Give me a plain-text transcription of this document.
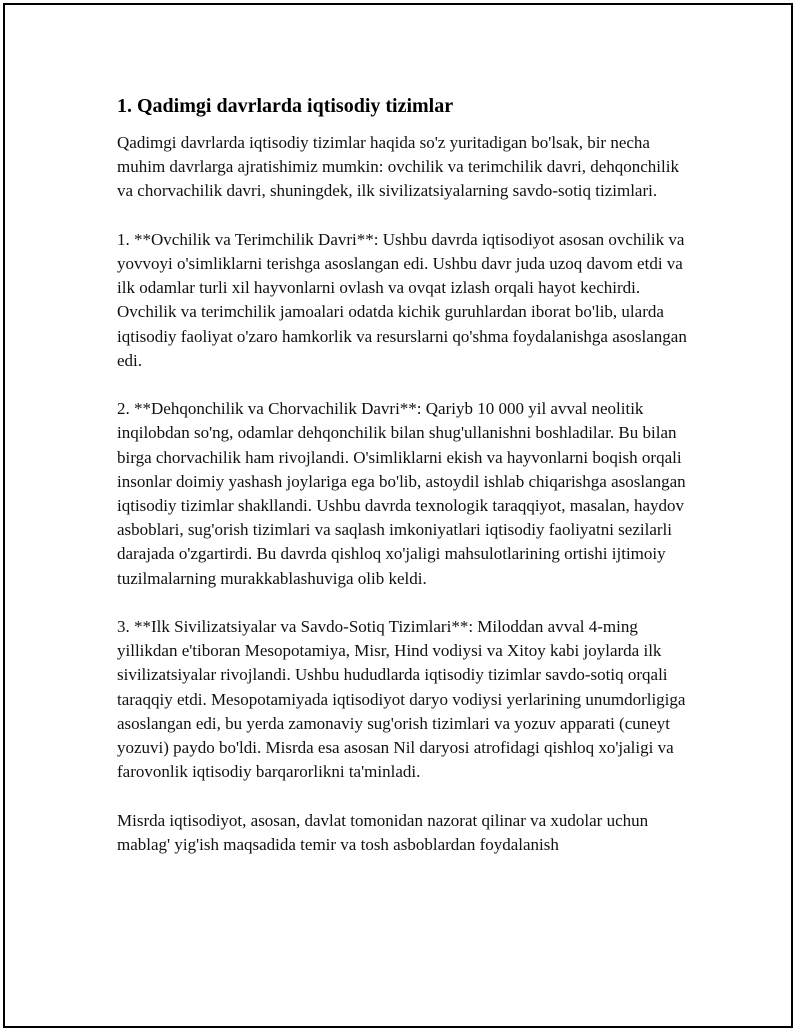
1. Qadimgi davrlarda iqtisodiy tizimlar

Qadimgi davrlarda iqtisodiy tizimlar haqida so'z yuritadigan bo'lsak, bir necha muhim davrlarga ajratishimiz mumkin: ovchilik va terimchilik davri, dehqonchilik va chorvachilik davri, shuningdek, ilk sivilizatsiyalarning savdo-sotiq tizimlari.

1. **Ovchilik va Terimchilik Davri**: Ushbu davrda iqtisodiyot asosan ovchilik va yovvoyi o'simliklarni terishga asoslangan edi. Ushbu davr juda uzoq davom etdi va ilk odamlar turli xil hayvonlarni ovlash va ovqat izlash orqali hayot kechirdi. Ovchilik va terimchilik jamoalari odatda kichik guruhlardan iborat bo'lib, ularda iqtisodiy faoliyat o'zaro hamkorlik va resurslarni qo'shma foydalanishga asoslangan edi.

2. **Dehqonchilik va Chorvachilik Davri**: Qariyb 10 000 yil avval neolitik inqilobdan so'ng, odamlar dehqonchilik bilan shug'ullanishni boshladilar. Bu bilan birga chorvachilik ham rivojlandi. O'simliklarni ekish va hayvonlarni boqish orqali insonlar doimiy yashash joylariga ega bo'lib, astoydil ishlab chiqarishga asoslangan iqtisodiy tizimlar shakllandi. Ushbu davrda texnologik taraqqiyot, masalan, haydov asboblari, sug'orish tizimlari va saqlash imkoniyatlari iqtisodiy faoliyatni sezilarli darajada o'zgartirdi. Bu davrda qishloq xo'jaligi mahsulotlarining ortishi ijtimoiy tuzilmalarning murakkablashuviga olib keldi.

3. **Ilk Sivilizatsiyalar va Savdo-Sotiq Tizimlari**: Miloddan avval 4-ming yillikdan e'tiboran Mesopotamiya, Misr, Hind vodiysi va Xitoy kabi joylarda ilk sivilizatsiyalar rivojlandi. Ushbu hududlarda iqtisodiy tizimlar savdo-sotiq orqali taraqqiy etdi. Mesopotamiyada iqtisodiyot daryo vodiysi yerlarining unumdorligiga asoslangan edi, bu yerda zamonaviy sug'orish tizimlari va yozuv apparati (cuneyt yozuvi) paydo bo'ldi. Misrda esa asosan Nil daryosi atrofidagi qishloq xo'jaligi va farovonlik iqtisodiy barqarorlikni ta'minladi.

Misrda iqtisodiyot, asosan, davlat tomonidan nazorat qilinar va xudolar uchun mablag' yig'ish maqsadida temir va tosh asboblardan foydalanish
